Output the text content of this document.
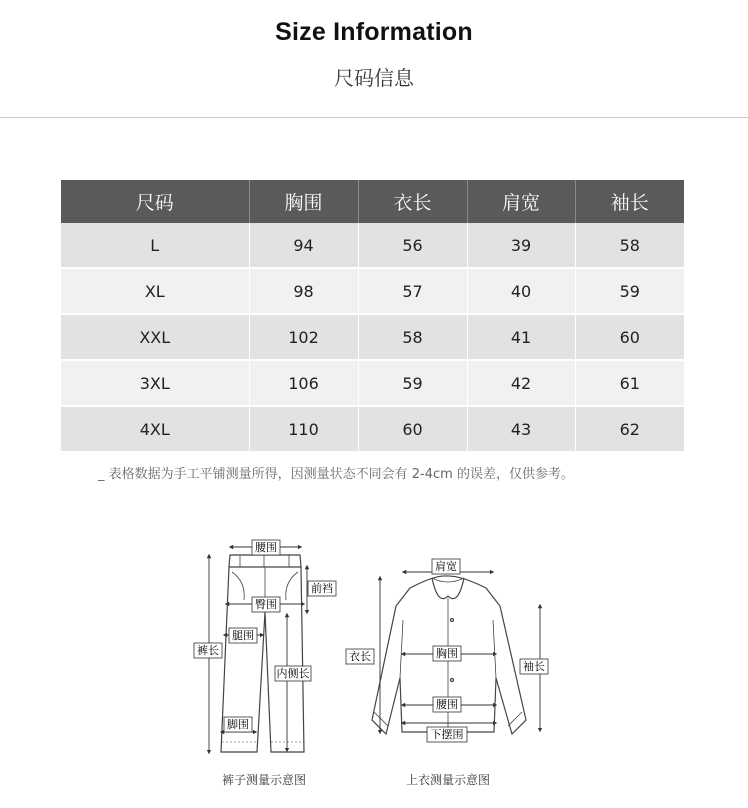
Size Information
尺码信息
尺码	胸围	衣长	肩宽	袖长
L	94	56	39	58
XL	98	57	40	59
XXL	102	58	41	60
3XL	106	59	42	61
4XL	110	60	43	62
_ 表格数据为手工平铺测量所得，因测量状态不同会有 2-4cm 的误差，仅供参考。
腰围
前裆
臀围
裤长
腿围
内侧长
脚围
肩宽
衣长	胸围
袖长
腰围
下摆围
裤子测量示意图	上衣测量示意图
